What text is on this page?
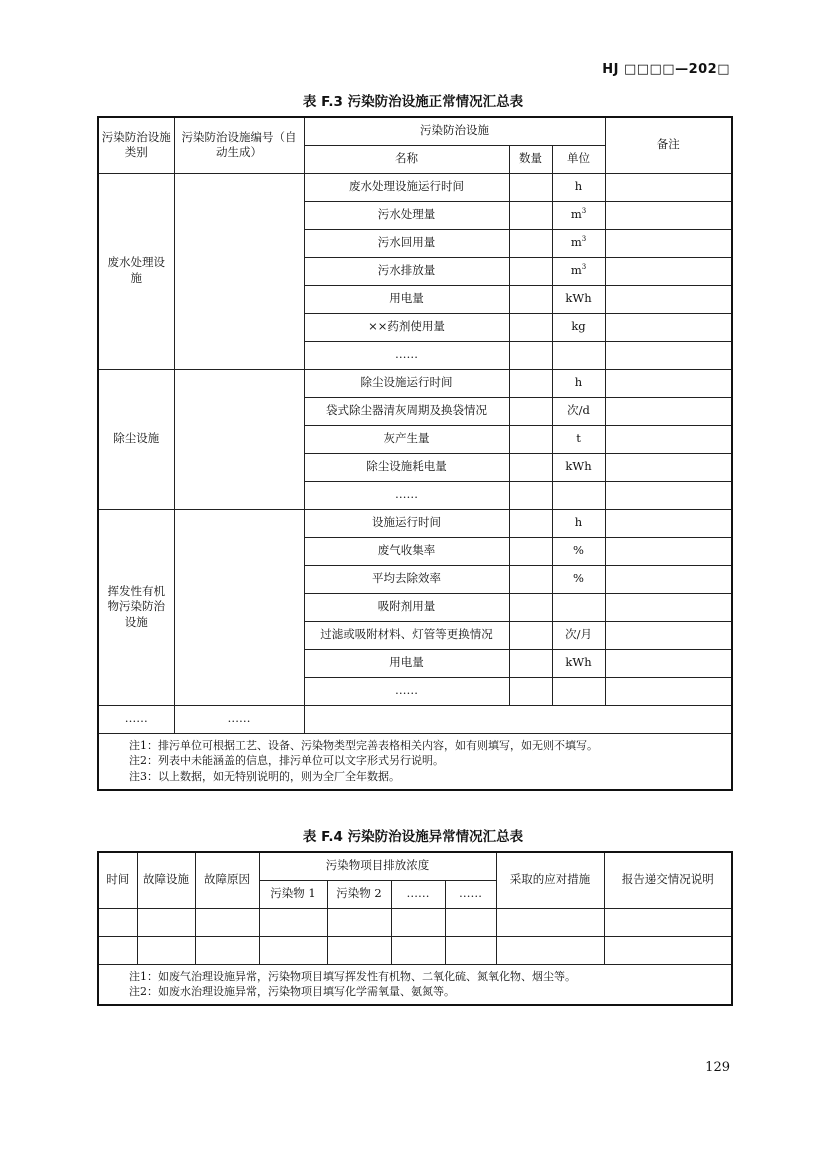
HJ □□□□—202□
表 F.3 污染防治设施正常情况汇总表
污染防治设施类别	污染防治设施编号（自动生成）	污染防治设施			备注
		名称	数量	单位	
废水处理设施		废水处理设施运行时间		h	
		污水处理量		$m^3$	
		污水回用量		$m^3$	
		污水排放量		$m^3$	
		用电量		kWh	
		××药剂使用量		kg	
		……			
除尘设施		除尘设施运行时间		h	
		袋式除尘器清灰周期及换袋情况		次/d	
		灰产生量		t	
		除尘设施耗电量		kWh	
		……			
挥发性有机物污染防治设施		设施运行时间		h	
		废气收集率		%	
		平均去除效率		%	
		吸附剂用量			
		过滤或吸附材料、灯管等更换情况		次/月	
		用电量		kWh	
		……			
……	……				

注1：排污单位可根据工艺、设备、污染物类型完善表格相关内容，如有则填写，如无则不填写。
注2：列表中未能涵盖的信息，排污单位可以文字形式另行说明。
注3：以上数据，如无特别说明的，则为全厂全年数据。					
表 F.4 污染防治设施异常情况汇总表
时间	故障设施	故障原因	污染物项目排放浓度				采取的应对措施	报告递交情况说明
			污染物 1	污染物 2	……	……		

注1：如废气治理设施异常，污染物项目填写挥发性有机物、二氧化硫、氮氧化物、烟尘等。
注2：如废水治理设施异常，污染物项目填写化学需氧量、氨氮等。								
129
